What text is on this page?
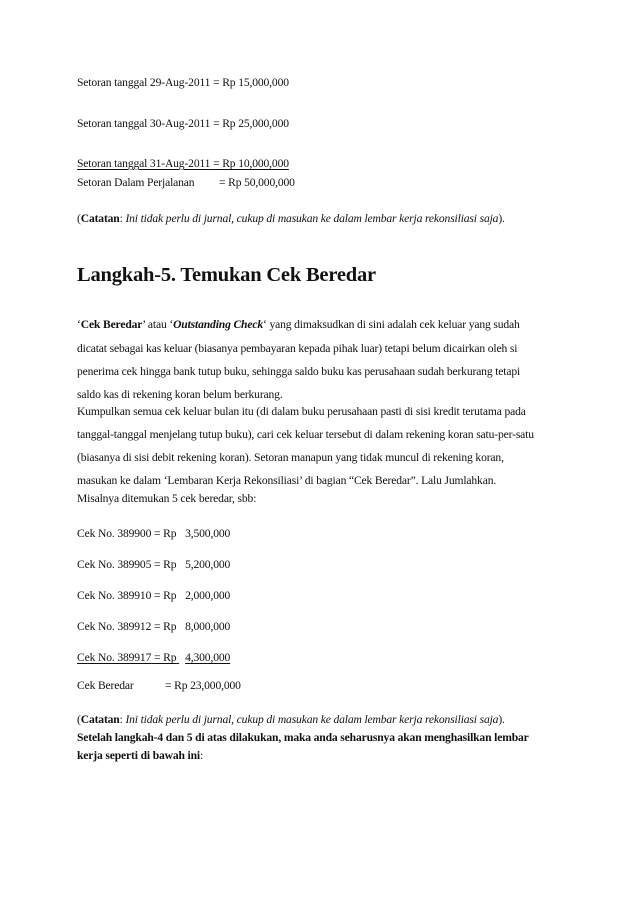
Setoran tanggal 29-Aug-2011 = Rp 15,000,000
Setoran tanggal 30-Aug-2011 = Rp 25,000,000
Setoran tanggal 31-Aug-2011 = Rp 10,000,000
Setoran Dalam Perjalanan = Rp 50,000,000
(Catatan: Ini tidak perlu di jurnal, cukup di masukan ke dalam lembar kerja rekonsiliasi saja).
Langkah-5. Temukan Cek Beredar
‘Cek Beredar’ atau ‘Outstanding Check‘ yang dimaksudkan di sini adalah cek keluar yang sudah
dicatat sebagai kas keluar (biasanya pembayaran kepada pihak luar) tetapi belum dicairkan oleh si
penerima cek hingga bank tutup buku, sehingga saldo buku kas perusahaan sudah berkurang tetapi
saldo kas di rekening koran belum berkurang.
Kumpulkan semua cek keluar bulan itu (di dalam buku perusahaan pasti di sisi kredit terutama pada
tanggal-tanggal menjelang tutup buku), cari cek keluar tersebut di dalam rekening koran satu-per-satu
(biasanya di sisi debit rekening koran). Setoran manapun yang tidak muncul di rekening koran,
masukan ke dalam ‘Lembaran Kerja Rekonsiliasi’ di bagian “Cek Beredar”. Lalu Jumlahkan.
Misalnya ditemukan 5 cek beredar, sbb:
Cek No. 389900 = Rp 3,500,000
Cek No. 389905 = Rp 5,200,000
Cek No. 389910 = Rp 2,000,000
Cek No. 389912 = Rp 8,000,000
Cek No. 389917 = Rp 4,300,000
Cek Beredar	= Rp 23,000,000
(Catatan: Ini tidak perlu di jurnal, cukup di masukan ke dalam lembar kerja rekonsiliasi saja).
Setelah langkah-4 dan 5 di atas dilakukan, maka anda seharusnya akan menghasilkan lembar
kerja seperti di bawah ini:
